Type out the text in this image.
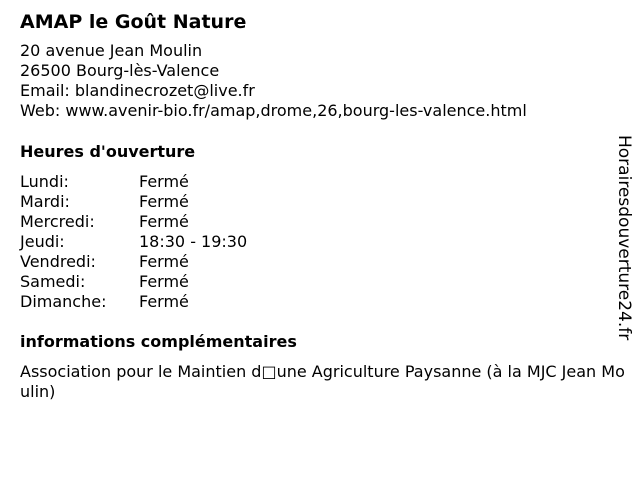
AMAP le Goût Nature
20 avenue Jean Moulin
26500 Bourg-lès-Valence
Email: blandinecrozet@live.fr
Web: www.avenir-bio.fr/amap,drome,26,bourg-les-valence.html
Heures d'ouverture
Lundi:	Fermé
Mardi:	Fermé
Mercredi:	Fermé
Jeudi:	18:30 - 19:30
Vendredi:	Fermé
Samedi:	Fermé
Dimanche: Fermé
informations complémentaires
Association pour le Maintien d□une Agriculture Paysanne (à la MJC Jean Moulin)
Horairesdouverture24.fr
